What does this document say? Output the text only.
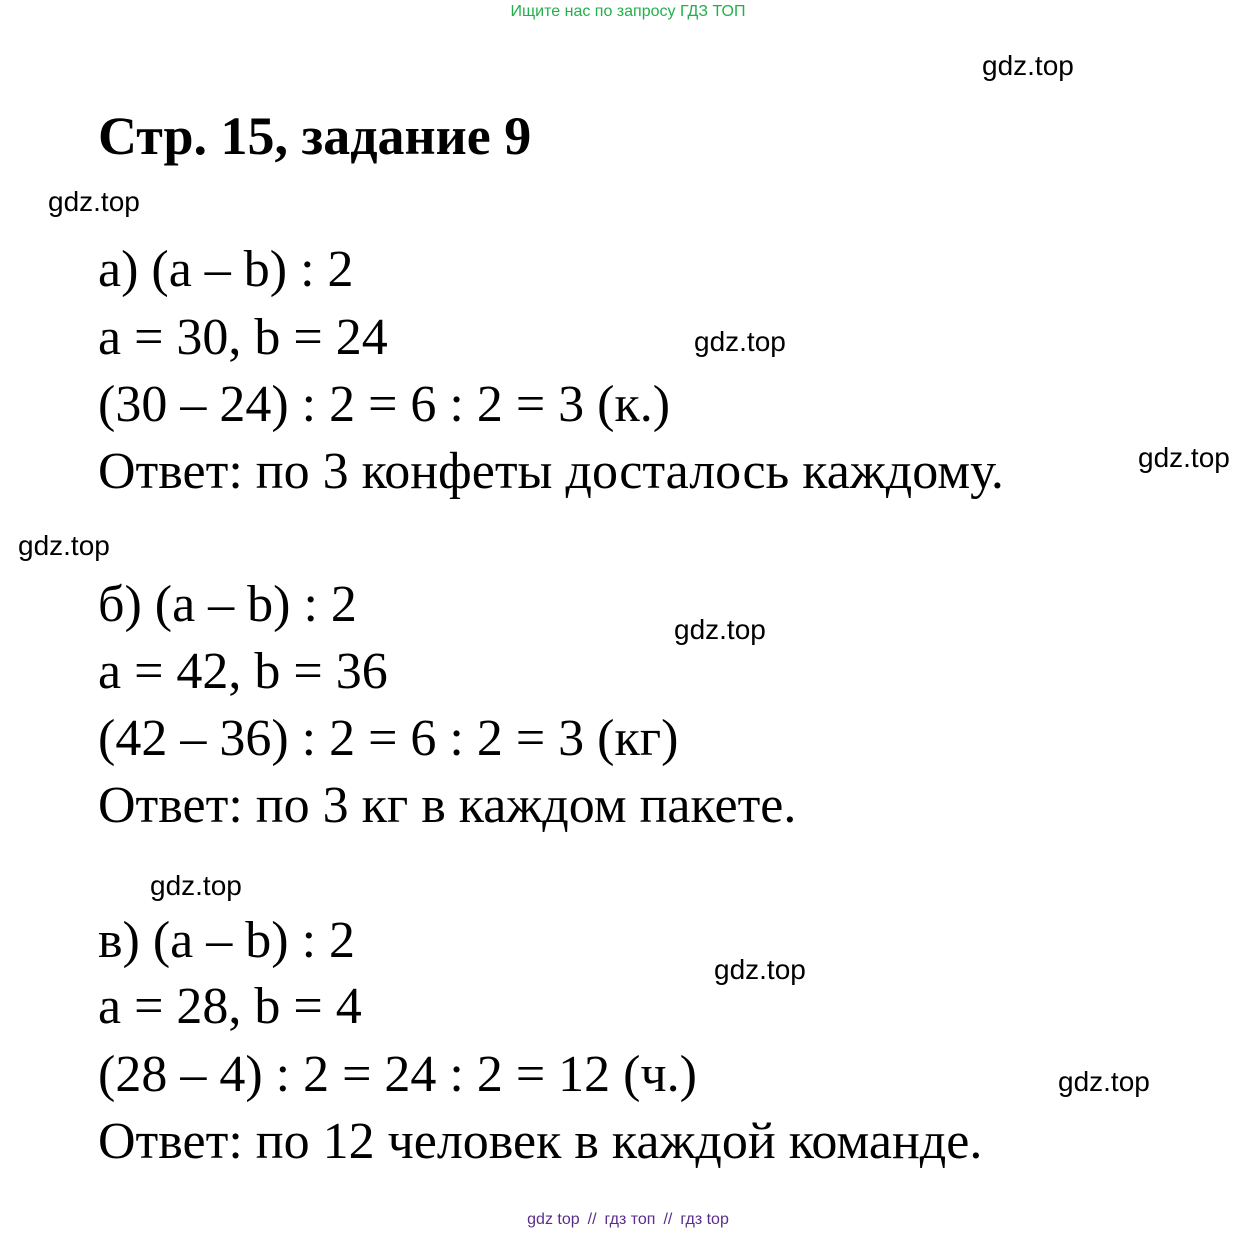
Ищите нас по запросу ГДЗ ТОП
Стр. 15, задание 9
а) (a – b) : 2
a = 30, b = 24
(30 – 24) : 2 = 6 : 2 = 3 (к.)
Ответ: по 3 конфеты досталось каждому.
б) (a – b) : 2
a = 42, b = 36
(42 – 36) : 2 = 6 : 2 = 3 (кг)
Ответ: по 3 кг в каждом пакете.
в) (a – b) : 2
a = 28, b = 4
(28 – 4) : 2 = 24 : 2 = 12 (ч.)
Ответ: по 12 человек в каждой команде.
gdz.top
gdz.top
gdz.top
gdz.top
gdz.top
gdz.top
gdz.top
gdz.top
gdz.top
gdz top // гдз топ // гдз top
